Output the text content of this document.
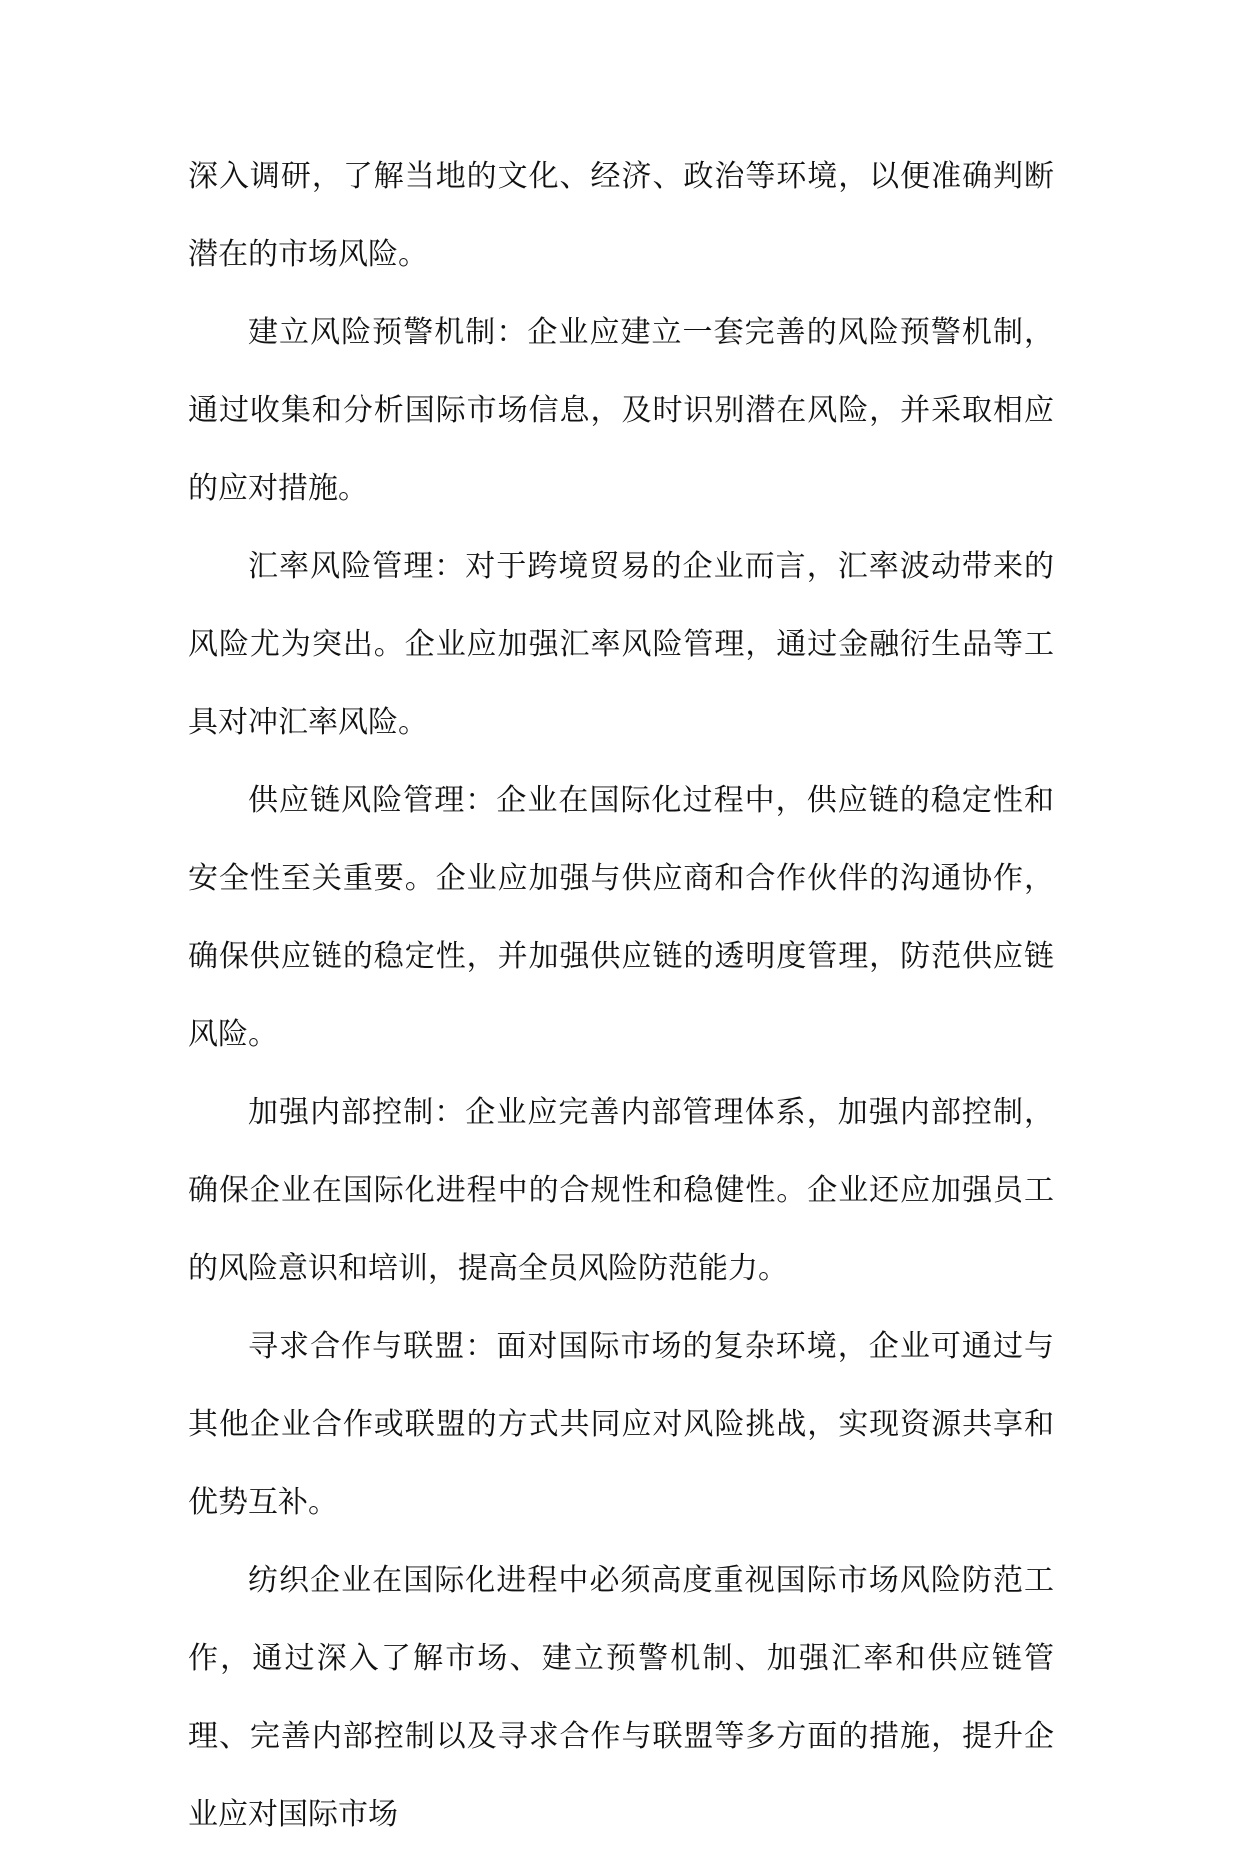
深入调研，了解当地的文化、经济、政治等环境，以便准确判断潜在的市场风险。

建立风险预警机制：企业应建立一套完善的风险预警机制，通过收集和分析国际市场信息，及时识别潜在风险，并采取相应的应对措施。

汇率风险管理：对于跨境贸易的企业而言，汇率波动带来的风险尤为突出。企业应加强汇率风险管理，通过金融衍生品等工具对冲汇率风险。

供应链风险管理：企业在国际化过程中，供应链的稳定性和安全性至关重要。企业应加强与供应商和合作伙伴的沟通协作，确保供应链的稳定性，并加强供应链的透明度管理，防范供应链风险。

加强内部控制：企业应完善内部管理体系，加强内部控制，确保企业在国际化进程中的合规性和稳健性。企业还应加强员工的风险意识和培训，提高全员风险防范能力。

寻求合作与联盟：面对国际市场的复杂环境，企业可通过与其他企业合作或联盟的方式共同应对风险挑战，实现资源共享和优势互补。

纺织企业在国际化进程中必须高度重视国际市场风险防范工作，通过深入了解市场、建立预警机制、加强汇率和供应链管理、完善内部控制以及寻求合作与联盟等多方面的措施，提升企业应对国际市场
